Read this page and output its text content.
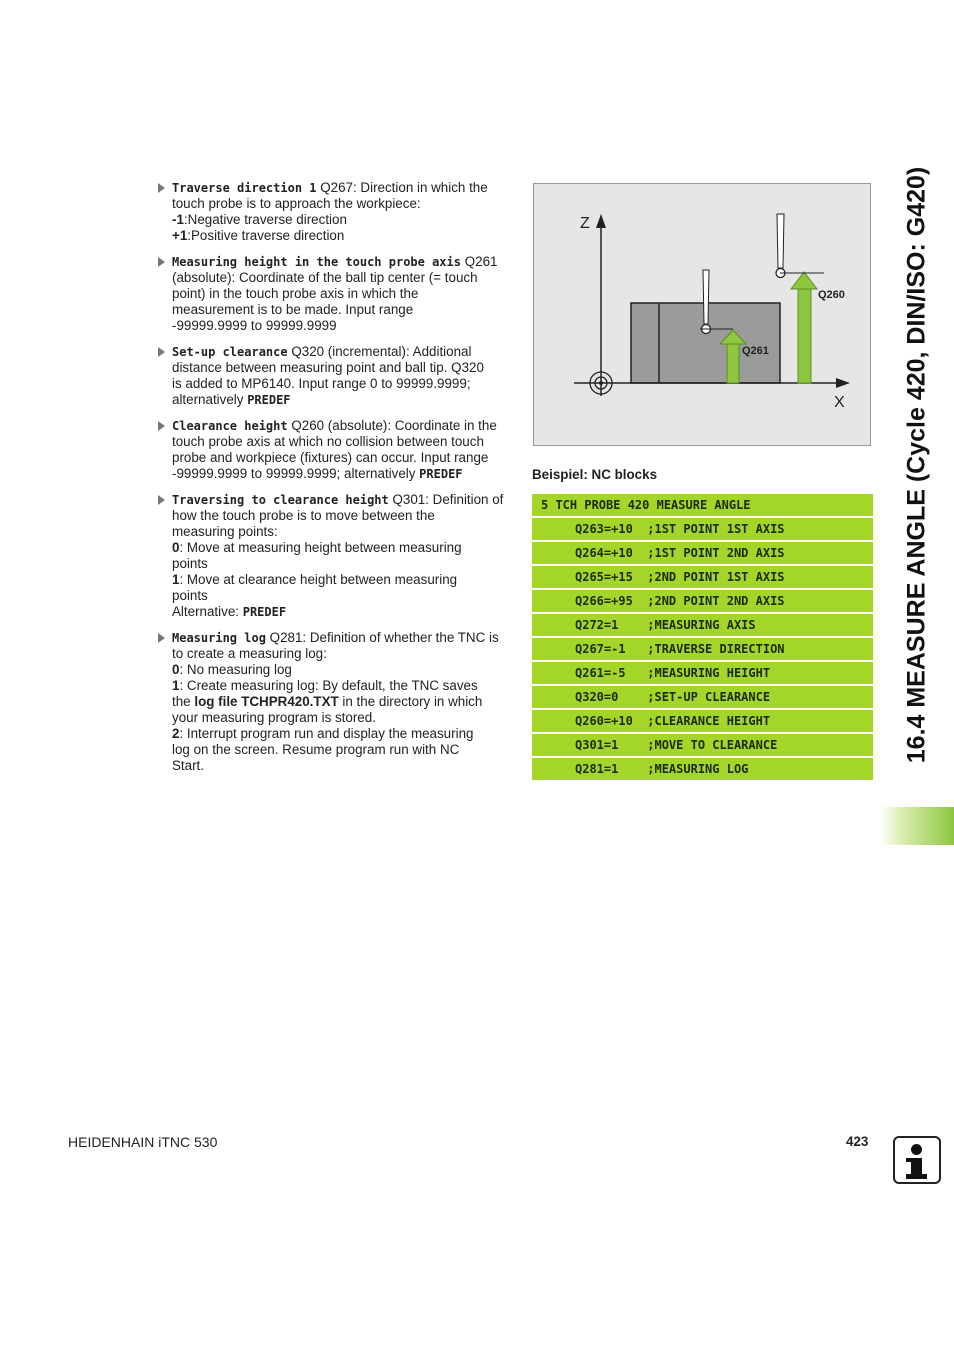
Traverse direction 1 Q267: Direction in which the
touch probe is to approach the workpiece:
-1:Negative traverse direction
+1:Positive traverse direction
Measuring height in the touch probe axis Q261
(absolute): Coordinate of the ball tip center (= touch
point) in the touch probe axis in which the
measurement is to be made. Input range
-99999.9999 to 99999.9999
Set-up clearance Q320 (incremental): Additional
distance between measuring point and ball tip. Q320
is added to MP6140. Input range 0 to 99999.9999;
alternatively PREDEF
Clearance height Q260 (absolute): Coordinate in the
touch probe axis at which no collision between touch
probe and workpiece (fixtures) can occur. Input range
-99999.9999 to 99999.9999; alternatively PREDEF
Traversing to clearance height Q301: Definition of
how the touch probe is to move between the
measuring points:
0: Move at measuring height between measuring
points
1: Move at clearance height between measuring
points
Alternative: PREDEF
Measuring log Q281: Definition of whether the TNC is
to create a measuring log:
0: No measuring log
1: Create measuring log: By default, the TNC saves
the log file TCHPR420.TXT in the directory in which
your measuring program is stored.
2: Interrupt program run and display the measuring
log on the screen. Resume program run with NC
Start.
Z
X
Q260
Q261
Beispiel: NC blocks
5 TCH PROBE 420 MEASURE ANGLE
Q263=+10  ;1ST POINT 1ST AXIS
Q264=+10  ;1ST POINT 2ND AXIS
Q265=+15  ;2ND POINT 1ST AXIS
Q266=+95  ;2ND POINT 2ND AXIS
Q272=1    ;MEASURING AXIS
Q267=-1   ;TRAVERSE DIRECTION
Q261=-5   ;MEASURING HEIGHT
Q320=0    ;SET-UP CLEARANCE
Q260=+10  ;CLEARANCE HEIGHT
Q301=1    ;MOVE TO CLEARANCE
Q281=1    ;MEASURING LOG
16.4 MEASURE ANGLE (Cycle 420, DIN/ISO: G420)
HEIDENHAIN iTNC 530	423
